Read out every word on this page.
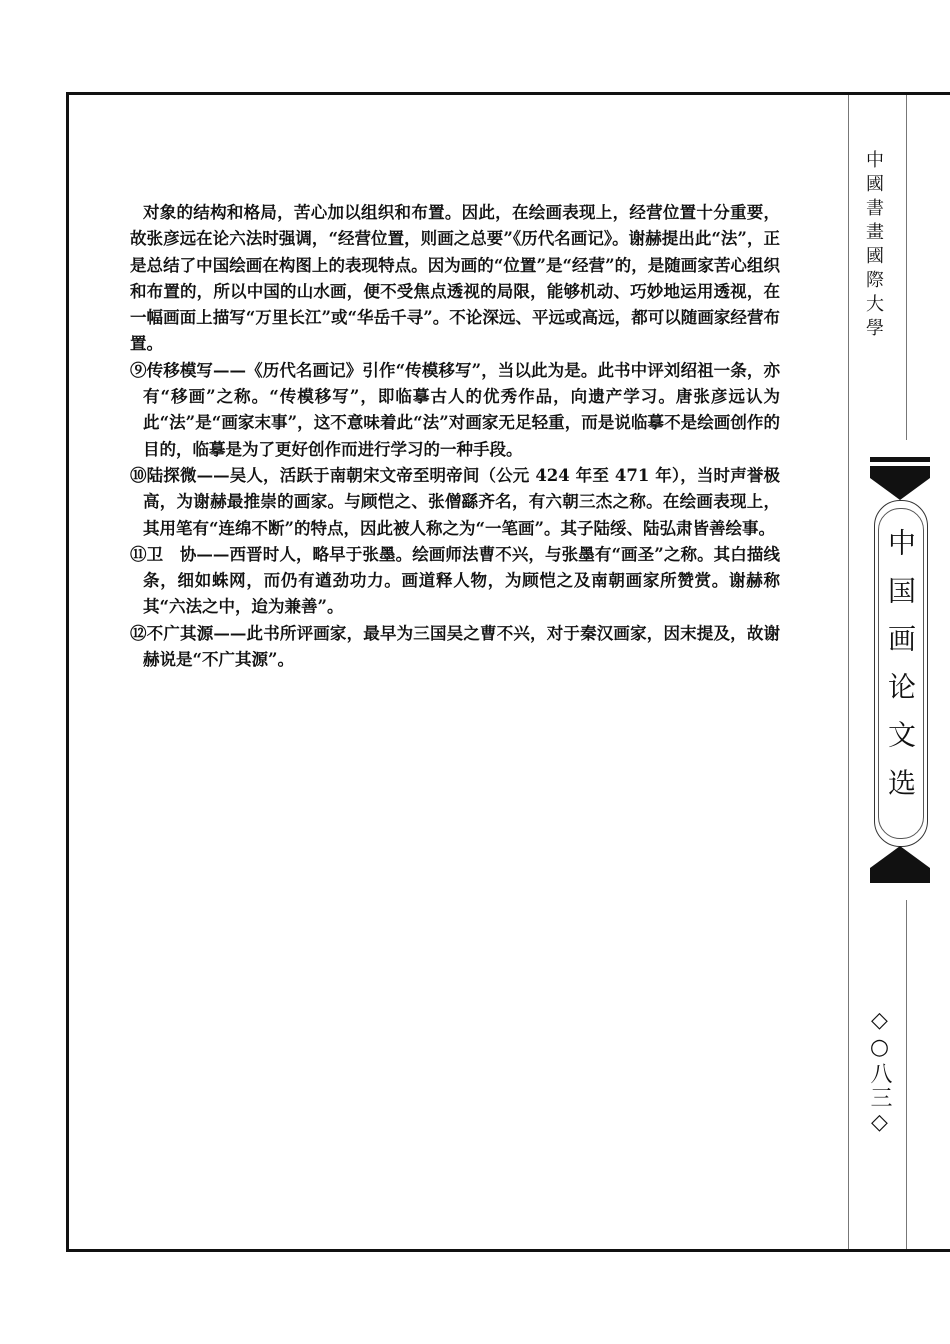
对象的结构和格局，苦心加以组织和布置。因此，在绘画表现上，经营位置十分重要，故张彦远在论六法时强调，“经营位置，则画之总要”《历代名画记》。谢赫提出此“法”，正是总结了中国绘画在构图上的表现特点。因为画的“位置”是“经营”的，是随画家苦心组织和布置的，所以中国的山水画，便不受焦点透视的局限，能够机动、巧妙地运用透视，在一幅画面上描写“万里长江”或“华岳千寻”。不论深远、平远或高远，都可以随画家经营布置。

⑨传移模写——《历代名画记》引作“传模移写”，当以此为是。此书中评刘绍祖一条，亦有“移画”之称。“传模移写”，即临摹古人的优秀作品，向遗产学习。唐张彦远认为此“法”是“画家末事”，这不意味着此“法”对画家无足轻重，而是说临摹不是绘画创作的目的，临摹是为了更好创作而进行学习的一种手段。

⑩陆探微——吴人，活跃于南朝宋文帝至明帝间（公元 424 年至 471 年），当时声誉极高，为谢赫最推崇的画家。与顾恺之、张僧繇齐名，有六朝三杰之称。在绘画表现上，其用笔有“连绵不断”的特点，因此被人称之为“一笔画”。其子陆绥、陆弘肃皆善绘事。

⑪卫　协——西晋时人，略早于张墨。绘画师法曹不兴，与张墨有“画圣”之称。其白描线条，细如蛛网，而仍有遒劲功力。画道释人物，为顾恺之及南朝画家所赞赏。谢赫称其“六法之中，迨为兼善”。

⑫不广其源——此书所评画家，最早为三国吴之曹不兴，对于秦汉画家，因末提及，故谢赫说是“不广其源”。

中國書畫國際大學
中国画论文选
◇○八三◇
